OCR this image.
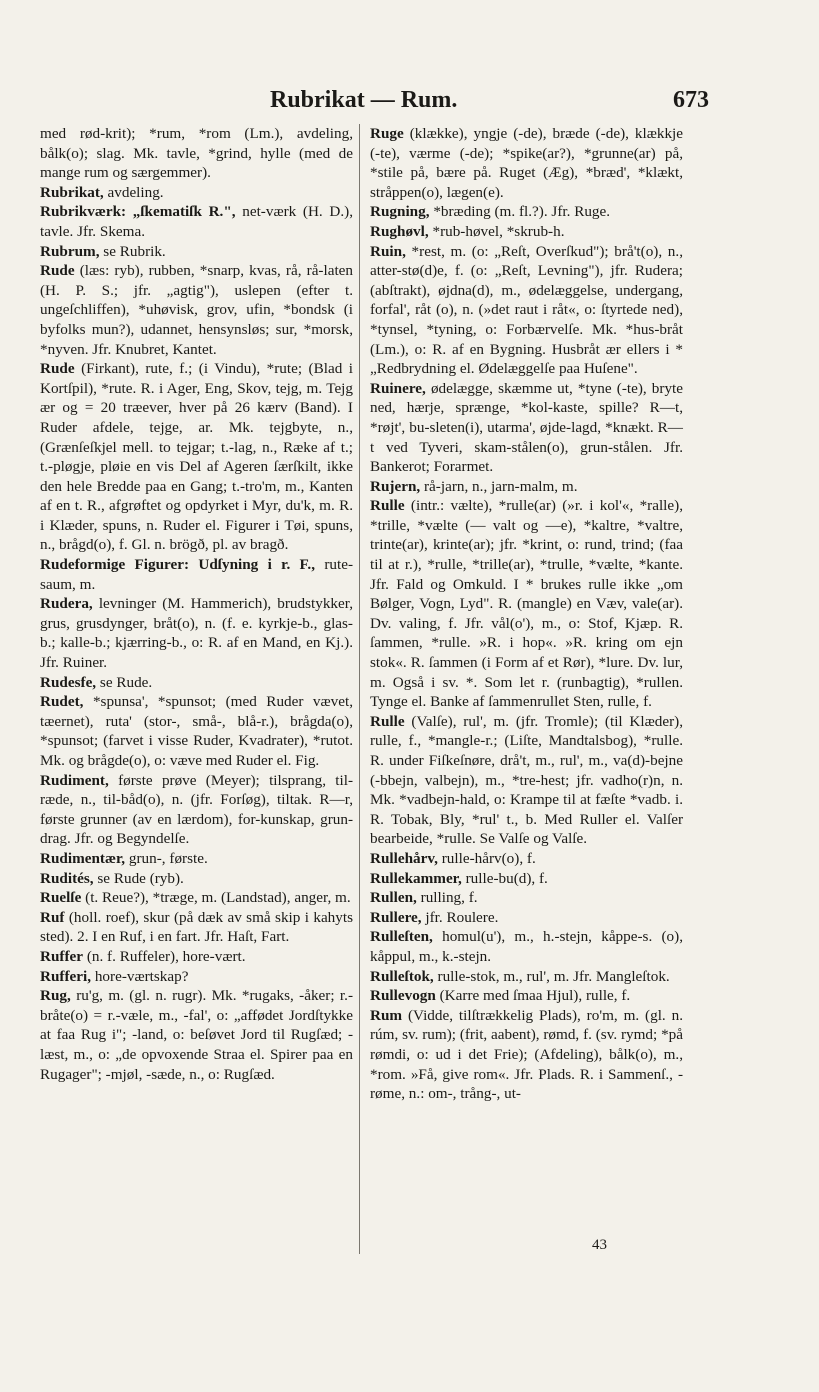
Rubrikat — Rum.	673

med rød-krit); *rum, *rom (Lm.), avdeling, bålk(o); slag. Mk. tavle, *grind, hylle (med de mange rum og særgemmer).

Rubrikat, avdeling.

Rubrikværk: „ſkematiſk R.", net-værk (H. D.), tavle. Jfr. Skema.

Rubrum, se Rubrik.

Rude (læs: ryb), rubben, *snarp, kvas, rå, rå-laten (H. P. S.; jfr. „agtig"), uslepen (efter t. ungeſchliffen), *uhøvisk, grov, ufin, *bondsk (i byfolks mun?), udannet, hensynsløs; sur, *morsk, *nyven. Jfr. Knubret, Kantet.

Rude (Firkant), rute, f.; (i Vindu), *rute; (Blad i Kortſpil), *rute. R. i Ager, Eng, Skov, tejg, m. Tejg ær og = 20 træever, hver på 26 kærv (Band). I Ruder afdele, tejge, ar. Mk. tejgbyte, n., (Grænſeſkjel mell. to tejgar; t.-lag, n., Ræke af t.; t.-pløgje, pløie en vis Del af Ageren ſærſkilt, ikke den hele Bredde paa en Gang; t.-tro'm, m., Kanten af en t. R., afgrøftet og opdyrket i Myr, du'k, m. R. i Klæder, spuns, n. Ruder el. Figurer i Tøi, spuns, n., brågd(o), f. Gl. n. brögð, pl. av bragð.

Rudeformige Figurer: Udſyning i r. F., rute-saum, m.

Rudera, levninger (M. Hammerich), brudstykker, grus, grusdynger, bråt(o), n. (f. e. kyrkje-b., glas-b.; kalle-b.; kjærring-b., o: R. af en Mand, en Kj.). Jfr. Ruiner.

Rudesfe, se Rude.

Rudet, *spunsa', *spunsot; (med Ruder vævet, tæernet), ruta' (stor-, små-, blå-r.), brågda(o), *spunsot; (farvet i visse Ruder, Kvadrater), *rutot. Mk. og brågde(o), o: væve med Ruder el. Fig.

Rudiment, første prøve (Meyer); tilsprang, til-ræde, n., til-båd(o), n. (jfr. Forſøg), tiltak. R—r, første grunner (av en lærdom), for-kunskap, grun-drag. Jfr. og Begyndelſe.

Rudimentær, grun-, første.

Rudités, se Rude (ryb).

Ruelſe (t. Reue?), *træge, m. (Landstad), anger, m.

Ruf (holl. roef), skur (på dæk av små skip i kahyts sted). 2. I en Ruf, i en fart. Jfr. Haſt, Fart.

Ruffer (n. f. Ruffeler), hore-vært.

Rufferi, hore-værtskap?

Rug, ru'g, m. (gl. n. rugr). Mk. *rugaks, -åker; r.-bråte(o) = r.-væle, m., -fal', o: „affødet Jordſtykke at faa Rug i"; -land, o: beſøvet Jord til Rugſæd; -læst, m., o: „de opvoxende Straa el. Spirer paa en Rugager"; -mjøl, -sæde, n., o: Rugſæd.

Ruge (klække), yngje (-de), bræde (-de), klækkje (-te), værme (-de); *spike(ar?), *grunne(ar) på, *stile på, bære på. Ruget (Æg), *bræd', *klækt, stråppen(o), lægen(e).

Rugning, *bræding (m. fl.?). Jfr. Ruge.

Rughøvl, *rub-høvel, *skrub-h.

Ruin, *rest, m. (o: „Reſt, Overſkud"); brå't(o), n., atter-stø(d)e, f. (o: „Reſt, Levning"), jfr. Rudera; (abſtrakt), øjdna(d), m., ødelæggelse, undergang, forfal', råt (o), n. (»det raut i råt«, o: ſtyrtede ned), *tynsel, *tyning, o: Forbærvelſe. Mk. *hus-bråt (Lm.), o: R. af en Bygning. Husbråt ær ellers i * „Redbrydning el. Ødelæggelſe paa Huſene".

Ruinere, ødelægge, skæmme ut, *tyne (-te), bryte ned, hærje, sprænge, *kol-kaste, spille? R—t, *røjt', bu-sleten(i), utarma', øjde-lagd, *knækt. R—t ved Tyveri, skam-stålen(o), grun-stålen. Jfr. Bankerot; Forarmet.

Rujern, rå-jarn, n., jarn-malm, m.

Rulle (intr.: vælte), *rulle(ar) (»r. i kol'«, *ralle), *trille, *vælte (— valt og —e), *kaltre, *valtre, trinte(ar), krinte(ar); jfr. *krint, o: rund, trind; (faa til at r.), *rulle, *trille(ar), *trulle, *vælte, *kante. Jfr. Fald og Omkuld. I * brukes rulle ikke „om Bølger, Vogn, Lyd". R. (mangle) en Væv, vale(ar). Dv. valing, f. Jfr. vål(o'), m., o: Stof, Kjæp. R. ſammen, *rulle. »R. i hop«. »R. kring om ejn stok«. R. ſammen (i Form af et Rør), *lure. Dv. lur, m. Også i sv. *. Som let r. (runbagtig), *rullen. Tynge el. Banke af ſammenrullet Sten, rulle, f.

Rulle (Valſe), rul', m. (jfr. Tromle); (til Klæder), rulle, f., *mangle-r.; (Liſte, Mandtalsbog), *rulle. R. under Fiſkeſnøre, drå't, m., rul', m., va(d)-bejne (-bbejn, valbejn), m., *tre-hest; jfr. vadho(r)n, n. Mk. *vadbejn-hald, o: Krampe til at fæſte *vadb. i. R. Tobak, Bly, *rul' t., b. Med Ruller el. Valſer bearbeide, *rulle. Se Valſe og Valſe.

Rullehårv, rulle-hårv(o), f.

Rullekammer, rulle-bu(d), f.

Rullen, rulling, f.

Rullere, jfr. Roulere.

Rulleſten, homul(u'), m., h.-stejn, kåppe-s. (o), kåppul, m., k.-stejn.

Rulleſtok, rulle-stok, m., rul', m. Jfr. Mangleſtok.

Rullevogn (Karre med ſmaa Hjul), rulle, f.

Rum (Vidde, tilſtrækkelig Plads), ro'm, m. (gl. n. rúm, sv. rum); (frit, aabent), rømd, f. (sv. rymd; *på rømdi, o: ud i det Frie); (Afdeling), bålk(o), m., *rom. »Få, give rom«. Jfr. Plads. R. i Sammenſ., -røme, n.: om-, trång-, ut-

43
